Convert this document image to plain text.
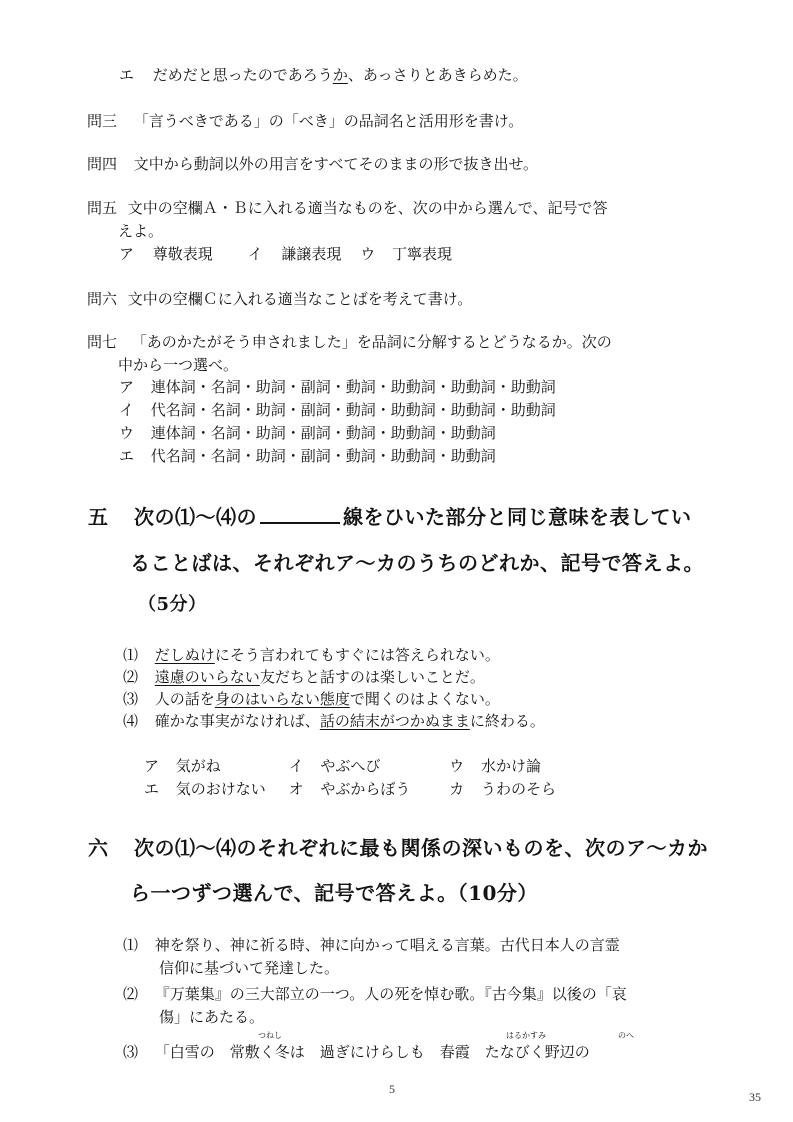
エ だめだと思ったのであろうか、あっさりとあきらめた。
問三 「言うべきである」の「べき」の品詞名と活用形を書け。
問四 文中から動詞以外の用言をすべてそのままの形で抜き出せ。
問五 文中の空欄Ａ・Ｂに入れる適当なものを、次の中から選んで、記号で答
えよ。
ア 尊敬表現 イ 謙譲表現 ウ 丁寧表現
問六 文中の空欄Ｃに入れる適当なことばを考えて書け。
問七 「あのかたがそう申されました」を品詞に分解するとどうなるか。次の
中から一つ選べ。
ア 連体詞・名詞・助詞・副詞・動詞・助動詞・助動詞・助動詞
イ 代名詞・名詞・助詞・副詞・動詞・助動詞・助動詞・助動詞
ウ 連体詞・名詞・助詞・副詞・動詞・助動詞・助動詞
エ 代名詞・名詞・助詞・副詞・動詞・助動詞・助動詞
五 次の⑴〜⑷の	線をひいた部分と同じ意味を表してい
ることばは、それぞれア〜カのうちのどれか、記号で答えよ。
（5分）
⑴ だしぬけにそう言われてもすぐには答えられない。
⑵ 遠慮のいらない友だちと話すのは楽しいことだ。
⑶ 人の話を身のはいらない態度で聞くのはよくない。
⑷ 確かな事実がなければ、話の結末がつかぬままに終わる。
ア 気がね	イ やぶへび	ウ 水かけ論
エ 気のおけない オ やぶからぼう	カ うわのそら
六 次の⑴〜⑷のそれぞれに最も関係の深いものを、次のア〜カか
ら一つずつ選んで、記号で答えよ。（10分）
⑴ 神を祭り、神に祈る時、神に向かって唱える言葉。古代日本人の言霊
信仰に基づいて発達した。
⑵ 『万葉集』の三大部立の一つ。人の死を悼む歌。『古今集』以後の「哀
傷」にあたる。
つねし	はるかすみ	のへ
⑶ 「白雪の　常敷く冬は　過ぎにけらしも　春霞　たなびく野辺の
5
35
